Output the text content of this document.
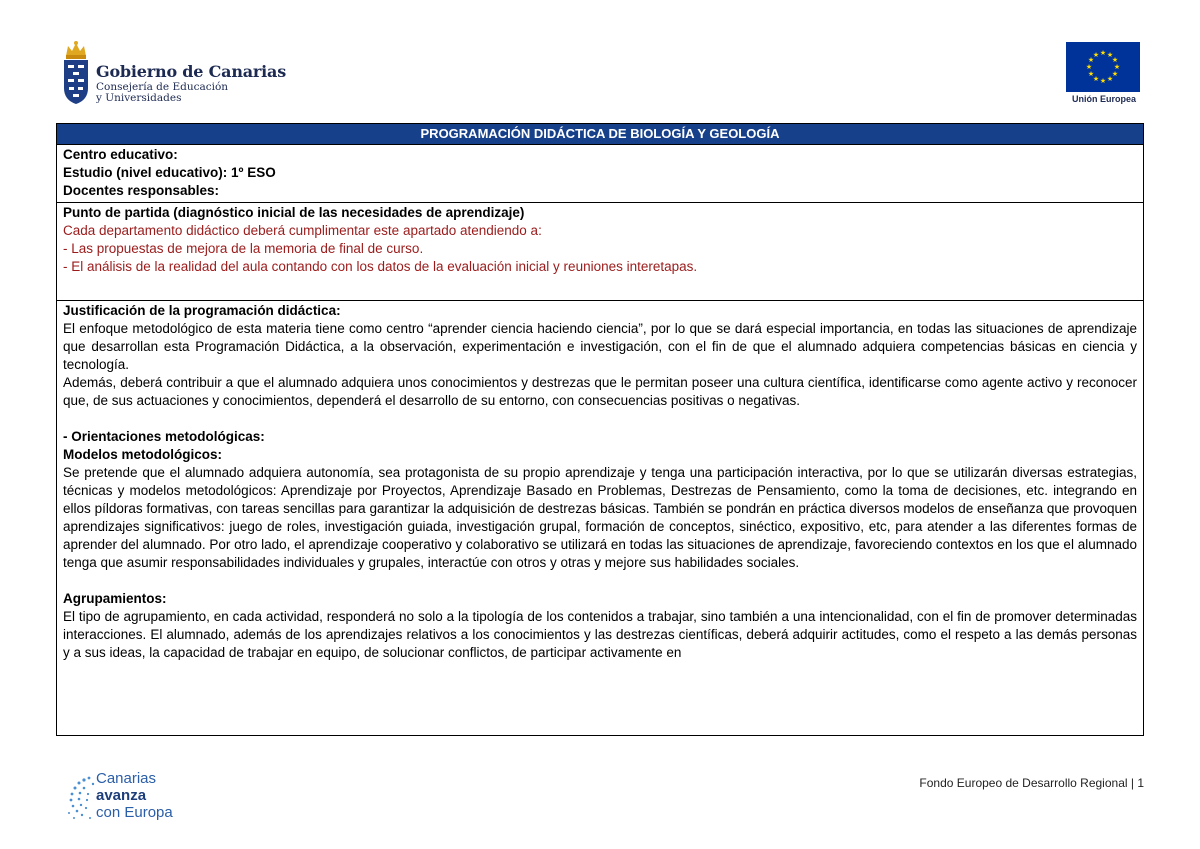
Gobierno de Canarias
Consejería de Educación
y Universidades
★ ★
★
★
★
★
★
★
★
★
★
★
Unión Europea
PROGRAMACIÓN DIDÁCTICA DE BIOLOGÍA Y GEOLOGÍA
Centro educativo:
Estudio (nivel educativo): 1º ESO
Docentes responsables:
Punto de partida (diagnóstico inicial de las necesidades de aprendizaje)
Cada departamento didáctico deberá cumplimentar este apartado atendiendo a:
- Las propuestas de mejora de la memoria de final de curso.
- El análisis de la realidad del aula contando con los datos de la evaluación inicial y reuniones interetapas.
Justificación de la programación didáctica:
El enfoque metodológico de esta materia tiene como centro “aprender ciencia haciendo ciencia”, por lo que se dará especial importancia, en todas las situaciones de aprendizaje que desarrollan esta Programación Didáctica, a la observación, experimentación e investigación, con el fin de que el alumnado adquiera competencias básicas en ciencia y tecnología.
Además, deberá contribuir a que el alumnado adquiera unos conocimientos y destrezas que le permitan poseer una cultura científica, identificarse como agente activo y reconocer que, de sus actuaciones y conocimientos, dependerá el desarrollo de su entorno, con consecuencias positivas o negativas.
- Orientaciones metodológicas:
Modelos metodológicos:
Se pretende que el alumnado adquiera autonomía, sea protagonista de su propio aprendizaje y tenga una participación interactiva, por lo que se utilizarán diversas estrategias, técnicas y modelos metodológicos: Aprendizaje por Proyectos, Aprendizaje Basado en Problemas, Destrezas de Pensamiento, como la toma de decisiones, etc. integrando en ellos píldoras formativas, con tareas sencillas para garantizar la adquisición de destrezas básicas. También se pondrán en práctica diversos modelos de enseñanza que provoquen aprendizajes significativos: juego de roles, investigación guiada, investigación grupal, formación de conceptos, sinéctico, expositivo, etc, para atender a las diferentes formas de aprender del alumnado. Por otro lado, el aprendizaje cooperativo y colaborativo se utilizará en todas las situaciones de aprendizaje, favoreciendo contextos en los que el alumnado tenga que asumir responsabilidades individuales y grupales, interactúe con otros y otras y mejore sus habilidades sociales.
Agrupamientos:
El tipo de agrupamiento, en cada actividad, responderá no solo a la tipología de los contenidos a trabajar, sino también a una intencionalidad, con el fin de promover determinadas interacciones. El alumnado, además de los aprendizajes relativos a los conocimientos y las destrezas científicas, deberá adquirir actitudes, como el respeto a las demás personas y a sus ideas, la capacidad de trabajar en equipo, de solucionar conflictos, de participar activamente en
Canarias
avanza
con Europa
Fondo Europeo de Desarrollo Regional | 1
